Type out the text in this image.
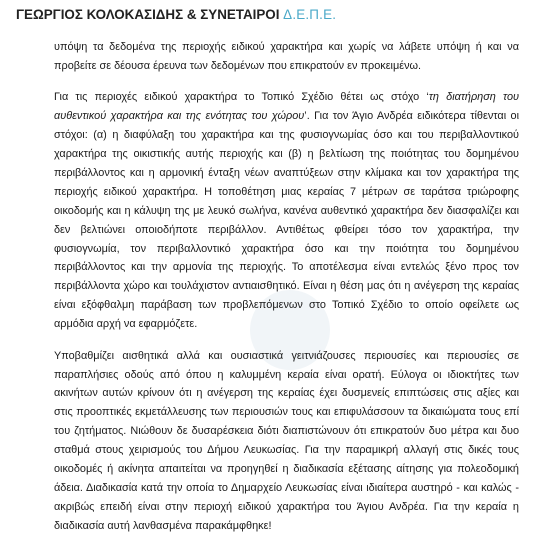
ΓΕΩΡΓΙΟΣ ΚΟΛΟΚΑΣΙΔΗΣ & ΣΥΝΕΤΑΙΡΟΙ Δ.Ε.Π.Ε.

υπόψη τα δεδομένα της περιοχής ειδικού χαρακτήρα και χωρίς να λάβετε υπόψη ή και να προβείτε σε δέουσα έρευνα των δεδομένων που επικρατούν εν προκειμένω.

Για τις περιοχές ειδικού χαρακτήρα το Τοπικό Σχέδιο θέτει ως στόχο ‘τη διατήρηση του αυθεντικού χαρακτήρα και της ενότητας του χώρου’. Για τον Άγιο Ανδρέα ειδικότερα τίθενται οι στόχοι: (α) η διαφύλαξη του χαρακτήρα και της φυσιογνωμίας όσο και του περιβαλλοντικού χαρακτήρα της οικιστικής αυτής περιοχής και (β) η βελτίωση της ποιότητας του δομημένου περιβάλλοντος και η αρμονική ένταξη νέων αναπτύξεων στην κλίμακα και τον χαρακτήρα της περιοχής ειδικού χαρακτήρα. Η τοποθέτηση μιας κεραίας 7 μέτρων σε ταράτσα τριώροφης οικοδομής και η κάλυψη της με λευκό σωλήνα, κανένα αυθεντικό χαρακτήρα δεν διασφαλίζει και δεν βελτιώνει οποιοδήποτε περιβάλλον. Αντιθέτως φθείρει τόσο τον χαρακτήρα, την φυσιογνωμία, τον περιβαλλοντικό χαρακτήρα όσο και την ποιότητα του δομημένου περιβάλλοντος και την αρμονία της περιοχής. Το αποτέλεσμα είναι εντελώς ξένο προς τον περιβάλλοντα χώρο και τουλάχιστον αντιαισθητικό. Είναι η θέση μας ότι η ανέγερση της κεραίας είναι εξόφθαλμη παράβαση των προβλεπόμενων στο Τοπικό Σχέδιο το οποίο οφείλετε ως αρμόδια αρχή να εφαρμόζετε.

Υποβαθμίζει αισθητικά αλλά και ουσιαστικά γειτνιάζουσες περιουσίες και περιουσίες σε παραπλήσιες οδούς από όπου η καλυμμένη κεραία είναι ορατή. Εύλογα οι ιδιοκτήτες των ακινήτων αυτών κρίνουν ότι η ανέγερση της κεραίας έχει δυσμενείς επιπτώσεις στις αξίες και στις προοπτικές εκμετάλλευσης των περιουσιών τους και επιφυλάσσουν τα δικαιώματα τους επί του ζητήματος. Νιώθουν δε δυσαρέσκεια διότι διαπιστώνουν ότι επικρατούν δυο μέτρα και δυο σταθμά στους χειρισμούς του Δήμου Λευκωσίας. Για την παραμικρή αλλαγή στις δικές τους οικοδομές ή ακίνητα απαιτείται να προηγηθεί η διαδικασία εξέτασης αίτησης για πολεοδομική άδεια. Διαδικασία κατά την οποία το Δημαρχείο Λευκωσίας είναι ιδιαίτερα αυστηρό - και καλώς - ακριβώς επειδή είναι στην περιοχή ειδικού χαρακτήρα του Άγιου Ανδρέα. Για την κεραία η διαδικασία αυτή λανθασμένα παρακάμφθηκε!
